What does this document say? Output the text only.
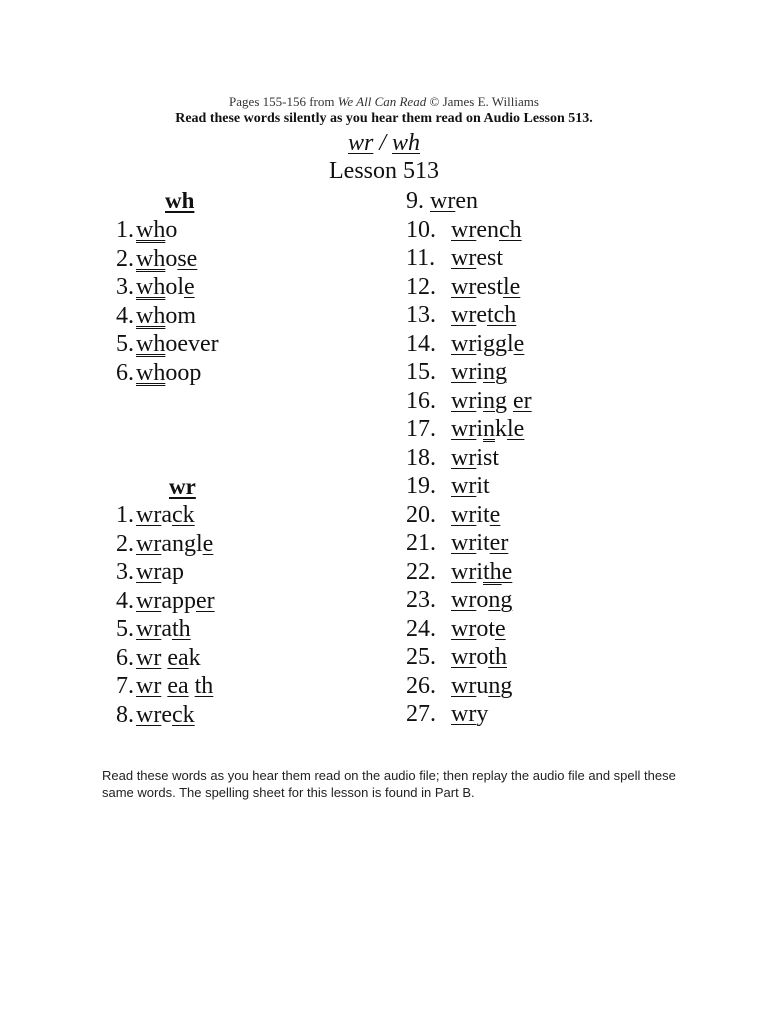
Pages 155-156 from We All Can Read © James E. Williams
Read these words silently as you hear them read on Audio Lesson 513.
wr / wh
Lesson 513
wh
1.who
2.whose
3.whole
4.whom
5.whoever
6.whoop
wr
1.wrack
2.wrangle
3.wrap
4.wrapper
5.wrath
6.wr eak
7.wr ea th
8.wreck
9. wren
10. wrench
11. wrest
12. wrestle
13. wretch
14. wriggle
15. wring
16. wring er
17. wrinkle
18. wrist
19. writ
20. write
21. writer
22. writhe
23. wrong
24. wrote
25. wroth
26. wrung
27. wry
Read these words as you hear them read on the audio file; then replay the audio file and spell these same words. The spelling sheet for this lesson is found in Part B.
